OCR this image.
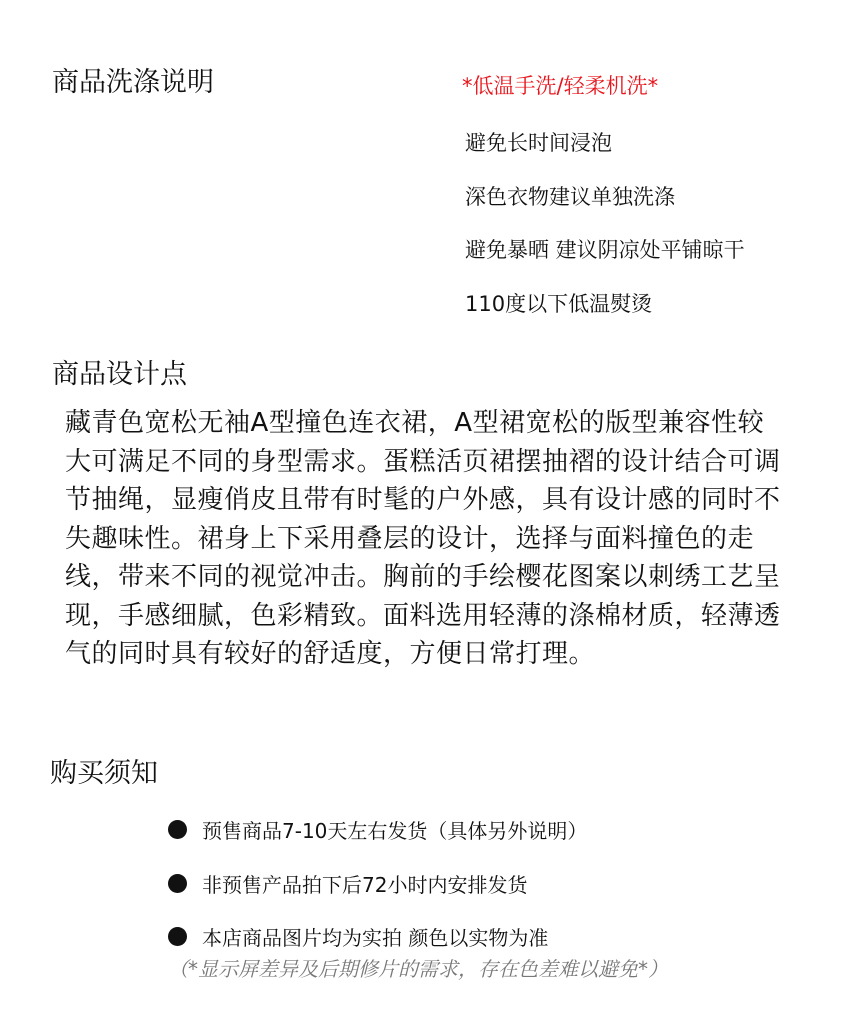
商品洗涤说明	*低温手洗/轻柔机洗*
避免长时间浸泡
深色衣物建议单独洗涤
避免暴晒 建议阴凉处平铺晾干
110度以下低温熨烫
商品设计点
藏青色宽松无袖A型撞色连衣裙，A型裙宽松的版型兼容性较大可满足不同的身型需求。蛋糕活页裙摆抽褶的设计结合可调节抽绳，显瘦俏皮且带有时髦的户外感，具有设计感的同时不失趣味性。裙身上下采用叠层的设计，选择与面料撞色的走线，带来不同的视觉冲击。胸前的手绘樱花图案以刺绣工艺呈现，手感细腻，色彩精致。面料选用轻薄的涤棉材质，轻薄透气的同时具有较好的舒适度，方便日常打理。
购买须知
预售商品7-10天左右发货（具体另外说明）
非预售产品拍下后72小时内安排发货
本店商品图片均为实拍 颜色以实物为准
（*显示屏差异及后期修片的需求，存在色差难以避免*）
